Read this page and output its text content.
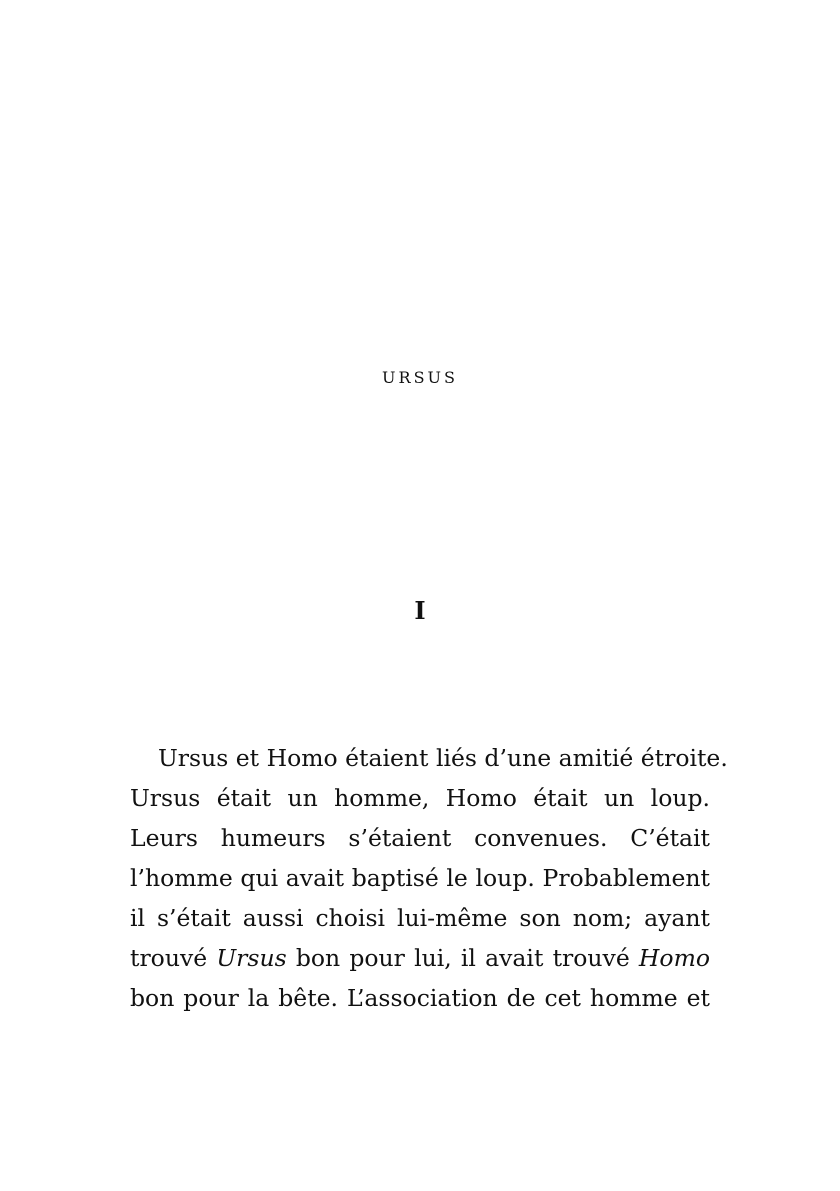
URSUS
I
Ursus et Homo étaient liés d’une amitié étroite.
Ursus était un homme, Homo était un loup.
Leurs humeurs s’étaient convenues. C’était
l’homme qui avait baptisé le loup. Probablement
il s’était aussi choisi lui-même son nom; ayant
trouvé Ursus bon pour lui, il avait trouvé Homo
bon pour la bête. L’association de cet homme et
